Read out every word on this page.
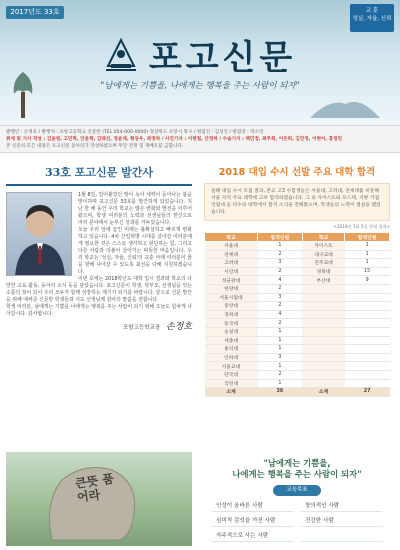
2017년도 33호	교 훈
성실, 자율, 신뢰
포고신문
"남에게는 기쁨을, 나에게는 행복을 주는 사람이 되자"
발행인 : 손정호 / 발행처 : 포항고등학교 신문반 (TEL 054-000-0000) 경상북도 포항시 북구 / 편집인 : 김성진 / 편집장 : 박소연
취재 및 기사 작성 : 김윤영, 고민혁, 안윤혁, 김태선, 정윤재, 황동우, 곽정하 / 사진기자 : 이현철, 안정하 / 수습기자 : 백민정, 최주희, 이은희, 김민정, 이현아, 홍정민
본 신문의 모든 내용은 포고신문 동아리가 작성하였으며 무단 전재 및 재배포를 금합니다.
33호 포고신문 발간사

1월 8일, 얼어붙었던 땅이 녹아 새싹이 돋아나는 봄을 맞이하며 포고신문 33호를 발간하게 되었습니다. 지난 한 해 동안 우리 학교는 많은 변화와 발전을 이루어 왔으며, 학생 여러분의 노력과 선생님들의 헌신으로 여러 분야에서 눈부신 성과를 거두었습니다.

오늘 우리 앞에 놓인 미래는 불확실하고 빠르게 변화하고 있습니다. 4차 산업혁명 시대를 살아갈 여러분에게 필요한 것은 스스로 생각하고 판단하는 힘, 그리고 다른 사람과 더불어 살아가는 따뜻한 마음입니다. 우리 학교는 '성실, 자율, 신뢰'의 교훈 아래 여러분이 꿈을 향해 나아갈 수 있도록 최선을 다해 지원하겠습니다.

이번 호에는 2018학년도 대학 입시 결과와 학교의 다양한 교육 활동, 동아리 소식 등을 담았습니다. 포고신문이 학생, 학부모, 선생님을 잇는 소통의 창이 되어 우리 모두가 함께 성장하는 계기가 되기를 바랍니다. 끝으로 신문 발간을 위해 애써준 신문반 학생들과 지도 선생님께 감사의 말씀을 전합니다.

학생 여러분, 남에게는 기쁨을 나에게는 행복을 주는 사람이 되기 위해 오늘도 힘차게 나아갑시다. 감사합니다.

포항고등학교장 손정호
2018 대입 수시 선발 주요 대학 합격
올해 대입 수시 모집 결과, 본교 고3 수험생들은 서울대, 고려대, 연세대를 비롯해 서울 지역 주요 대학에 고루 합격하였습니다. 그 외 카이스트와 포스텍, 지방 거점 국립대 등 다수의 대학에서 합격 소식을 전해왔으며, 학생들의 노력이 결실을 맺었습니다.
<2018년 1월 5일 현재 집계>
학교	합격인원	학교	합격인원
서울대	1	카이스트	1
연세대	2	대구교대	1
고려대	3	진주교대	1
서강대	2	경북대	15
성균관대	4	부산대	9
한양대	2		
서울시립대	3		
중앙대	2		
경희대	4		
동국대	2		
숭실대	1		
세종대	1		
홍익대	1		
인하대	3		
서울교대	1		
단국대	2		
국민대	1		
소계	36	소계	27
큰뜻 품어라
"남에게는 기쁨을,
나에게는 행복을 주는 사람이 되자"
교육목표
인성이 올바른 사람	창의적인 사람
심미적 감성을 가진 사람	건강한 사람
자주적으로 사는 사람
